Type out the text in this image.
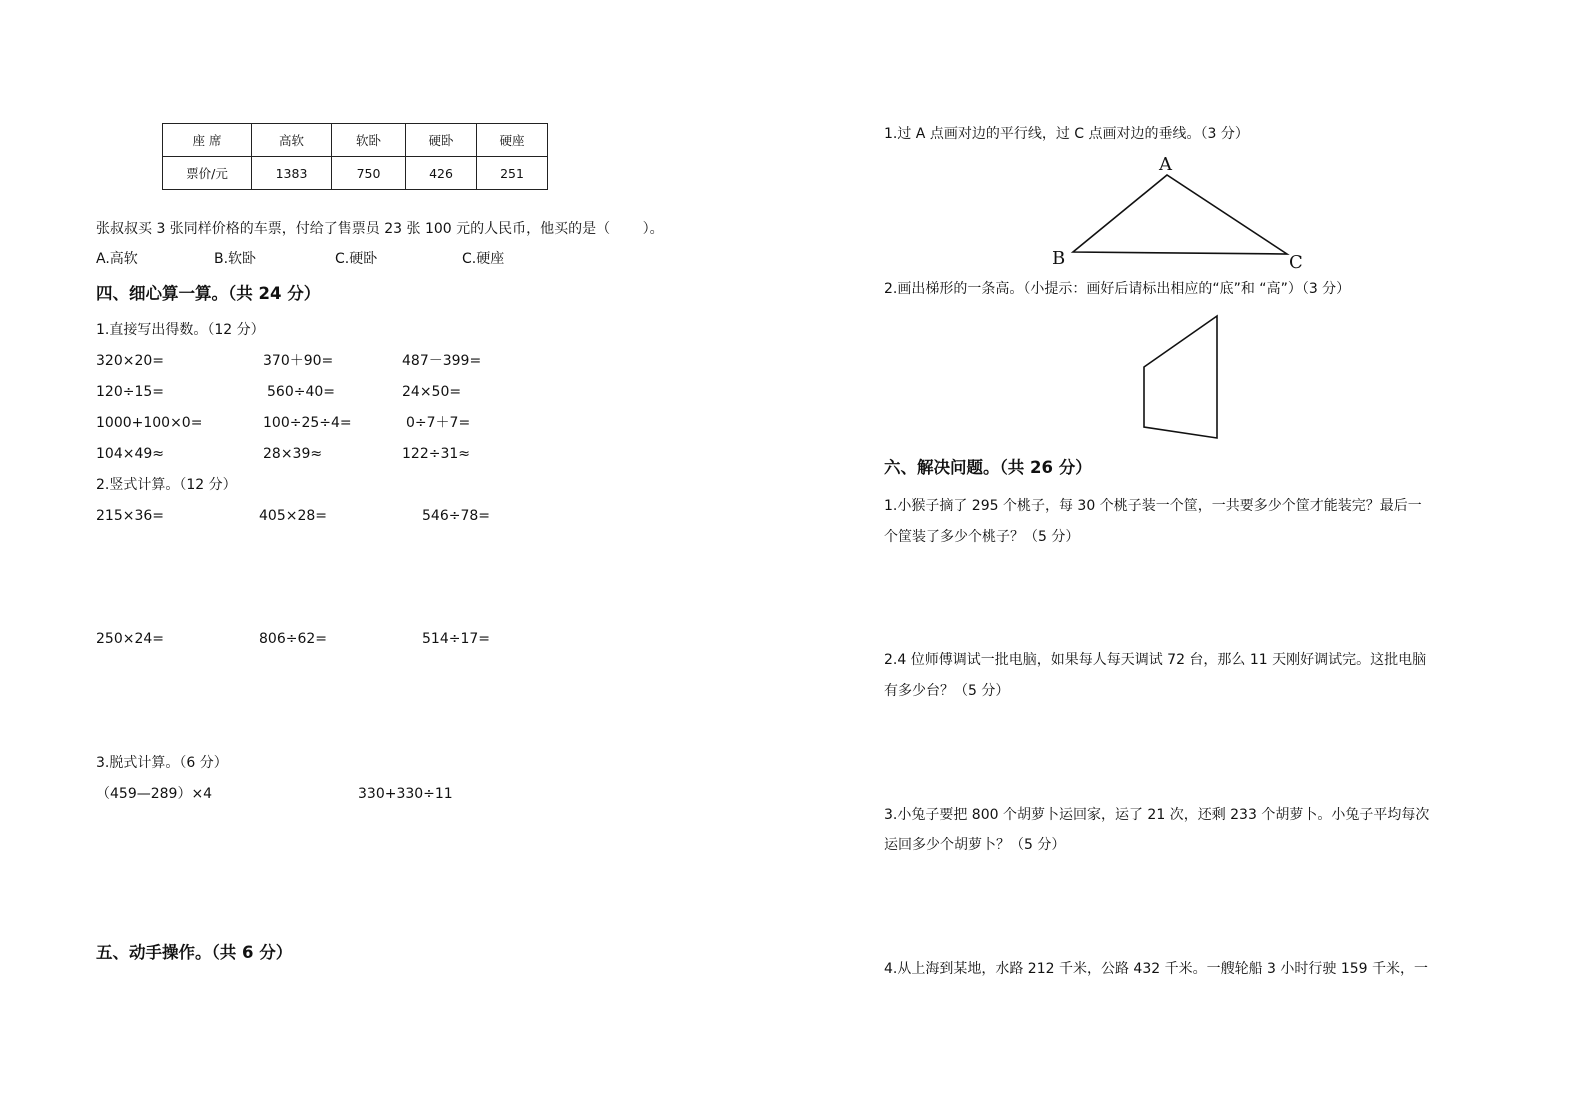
座 席	高软	软卧	硬卧	硬座
票价/元	1383	750	426	251
张叔叔买 3 张同样价格的车票，付给了售票员 23 张 100 元的人民币，他买的是（　　 ）。
A.高软	B.软卧	C.硬卧	C.硬座
四、细心算一算。（共 24 分）
1.直接写出得数。（12 分）
320×20=	370＋90=	487－399=
120÷15=	560÷40=	24×50=
1000+100×0=	100÷25÷4=	0÷7＋7=
104×49≈	28×39≈	122÷31≈
2.竖式计算。（12 分）
215×36=	405×28=	546÷78=
250×24=	806÷62=	514÷17=
3.脱式计算。（6 分）
（459—289）×4	330+330÷11
五、动手操作。（共 6 分）
1.过 A 点画对边的平行线，过 C 点画对边的垂线。（3 分）
A
B	C
2.画出梯形的一条高。（小提示：画好后请标出相应的“底”和 “高”）（3 分）
六、解决问题。（共 26 分）
1.小猴子摘了 295 个桃子，每 30 个桃子装一个筐，一共要多少个筐才能装完？最后一
个筐装了多少个桃子？（5 分）
2.4 位师傅调试一批电脑，如果每人每天调试 72 台，那么 11 天刚好调试完。这批电脑
有多少台？（5 分）
3.小兔子要把 800 个胡萝卜运回家，运了 21 次，还剩 233 个胡萝卜。小兔子平均每次
运回多少个胡萝卜？（5 分）
4.从上海到某地，水路 212 千米，公路 432 千米。一艘轮船 3 小时行驶 159 千米，一
